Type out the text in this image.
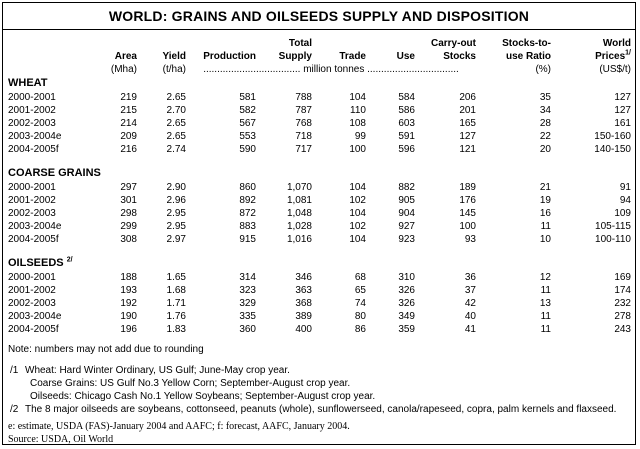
WORLD: GRAINS AND OILSEEDS SUPPLY AND DISPOSITION
				Total			Carry-out	Stocks-to-	World
	Area	Yield	Production	Supply	Trade	Use	Stocks	use Ratio	Prices$^{1/}$
	(Mha)	(t/ha)	................................... million tonnes .................................					(%)	(US$/t)
WHEAT									
2000-2001	219	2.65	581	788	104	584	206	35	127
2001-2002	215	2.70	582	787	110	586	201	34	127
2002-2003	214	2.65	567	768	108	603	165	28	161
2003-2004e	209	2.65	553	718	99	591	127	22	150-160
2004-2005f	216	2.74	590	717	100	596	121	20	140-150

COARSE GRAINS									
2000-2001	297	2.90	860	1,070	104	882	189	21	91
2001-2002	301	2.96	892	1,081	102	905	176	19	94
2002-2003	298	2.95	872	1,048	104	904	145	16	109
2003-2004e	299	2.95	883	1,028	102	927	100	11	105-115
2004-2005f	308	2.97	915	1,016	104	923	93	10	100-110

OILSEEDS $^{2/}$
2000-2001	188	1.65	314	346	68	310	36	12	169
2001-2002	193	1.68	323	363	65	326	37	11	174
2002-2003	192	1.71	329	368	74	326	42	13	232
2003-2004e	190	1.76	335	389	80	349	40	11	278
2004-2005f	196	1.83	360	400	86	359	41	11	243
Note: numbers may not add due to rounding
/1 Wheat: Hard Winter Ordinary, US Gulf; June-May crop year.
Coarse Grains: US Gulf No.3 Yellow Corn; September-August crop year.
Oilseeds: Chicago Cash No.1 Yellow Soybeans; September-August crop year.
/2 The 8 major oilseeds are soybeans, cottonseed, peanuts (whole), sunflowerseed, canola/rapeseed, copra, palm kernels and flaxseed.
e: estimate, USDA (FAS)-January 2004 and AAFC; f: forecast, AAFC, January 2004.
Source: USDA, Oil World
